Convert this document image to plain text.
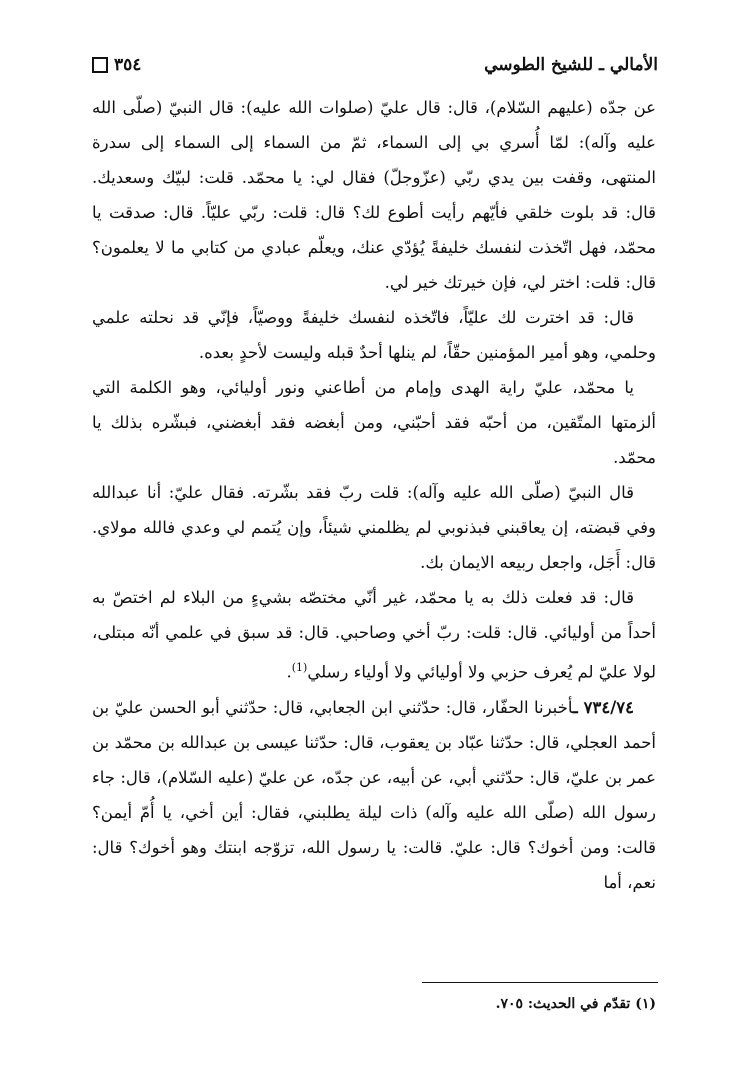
الأمالي ـ للشيخ الطوسي
٣٥٤

عن جدّه (عليهم السّلام)، قال: قال عليّ (صلوات الله عليه): قال النبيّ (صلّى الله عليه وآله): لمّا أُسري بي إلى السماء، ثمّ من السماء إلى السماء إلى سدرة المنتهى، وقفت بين يدي ربّي (عزّوجلّ) فقال لي: يا محمّد. قلت: لبيّك وسعديك. قال: قد بلوت خلقي فأيّهم رأيت أطوع لك؟ قال: قلت: ربّي عليّاً. قال: صدقت يا محمّد، فهل اتّخذت لنفسك خليفةً يُؤدّي عنك، ويعلّم عبادي من كتابي ما لا يعلمون؟ قال: قلت: اختر لي، فإن خيرتك خير لي.

قال: قد اخترت لك عليّاً، فاتّخذه لنفسك خليفةً ووصيّاً، فإنّي قد نحلته علمي وحلمي، وهو أمير المؤمنين حقّاً، لم ينلها أحدٌ قبله وليست لأحدٍ بعده.

يا محمّد، عليّ راية الهدى وإمام من أطاعني ونور أوليائي، وهو الكلمة التي ألزمتها المتّقين، من أحبّه فقد أحبّني، ومن أبغضه فقد أبغضني، فبشّره بذلك يا محمّد.

قال النبيّ (صلّى الله عليه وآله): قلت ربّ فقد بشّرته. فقال عليّ: أنا عبدالله وفي قبضته، إن يعاقبني فبذنوبي لم يظلمني شيئاً، وإن يُتمم لي وعدي فالله مولاي. قال: أَجَل، واجعل ربيعه الايمان بك.

قال: قد فعلت ذلك به يا محمّد، غير أنّي مختصّه بشيءٍ من البلاء لم اختصّ به أحداً من أوليائي. قال: قلت: ربّ أخي وصاحبي. قال: قد سبق في علمي أنّه مبتلى، لولا عليّ لم يُعرف حزبي ولا أوليائي ولا أولياء رسلي$^{(1)}$.

٧٣٤/٧٤ ـأخبرنا الحفّار، قال: حدّثني ابن الجعابي، قال: حدّثني أبو الحسن عليّ بن أحمد العجلي، قال: حدّثنا عبّاد بن يعقوب، قال: حدّثنا عيسى بن عبدالله بن محمّد بن عمر بن عليّ، قال: حدّثني أبي، عن أبيه، عن جدّه، عن عليّ (عليه السّلام)، قال: جاء رسول الله (صلّى الله عليه وآله) ذات ليلة يطلبني، فقال: أين أخي، يا أُمّ أيمن؟ قالت: ومن أخوك؟ قال: عليّ. قالت: يا رسول الله، تزوّجه ابنتك وهو أخوك؟ قال: نعم، أما

(١) تقدّم في الحديث: ٧٠٥.
